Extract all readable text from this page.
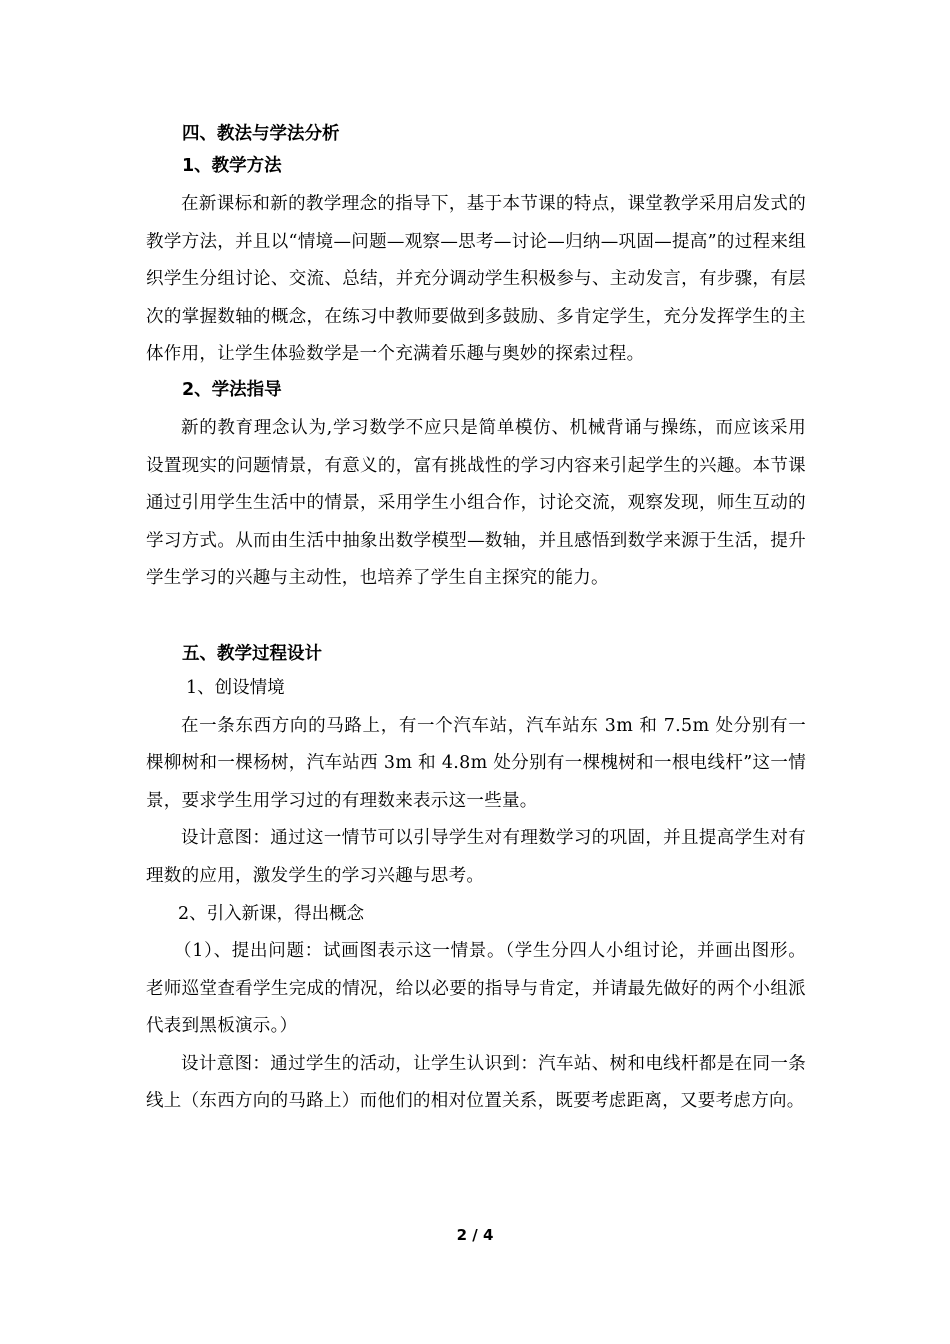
四、教法与学法分析
1、教学方法

在新课标和新的教学理念的指导下，基于本节课的特点，课堂教学采用启发式的教学方法，并且以“情境—问题—观察—思考—讨论—归纳—巩固—提高”的过程来组织学生分组讨论、交流、总结，并充分调动学生积极参与、主动发言，有步骤，有层次的掌握数轴的概念，在练习中教师要做到多鼓励、多肯定学生，充分发挥学生的主体作用，让学生体验数学是一个充满着乐趣与奥妙的探索过程。

2、学法指导

新的教育理念认为,学习数学不应只是简单模仿、机械背诵与操练，而应该采用设置现实的问题情景，有意义的，富有挑战性的学习内容来引起学生的兴趣。本节课通过引用学生生活中的情景，采用学生小组合作，讨论交流，观察发现，师生互动的学习方式。从而由生活中抽象出数学模型—数轴，并且感悟到数学来源于生活，提升学生学习的兴趣与主动性，也培养了学生自主探究的能力。

五、教学过程设计
1、创设情境

在一条东西方向的马路上，有一个汽车站，汽车站东 3m 和 7.5m 处分别有一棵柳树和一棵杨树，汽车站西 3m 和 4.8m 处分别有一棵槐树和一根电线杆”这一情景，要求学生用学习过的有理数来表示这一些量。

设计意图：通过这一情节可以引导学生对有理数学习的巩固，并且提高学生对有理数的应用，激发学生的学习兴趣与思考。

2、引入新课，得出概念

（1）、提出问题：试画图表示这一情景。（学生分四人小组讨论，并画出图形。老师巡堂查看学生完成的情况，给以必要的指导与肯定，并请最先做好的两个小组派代表到黑板演示。）

设计意图：通过学生的活动，让学生认识到：汽车站、树和电线杆都是在同一条线上（东西方向的马路上）而他们的相对位置关系，既要考虑距离，又要考虑方向。

2 / 4
